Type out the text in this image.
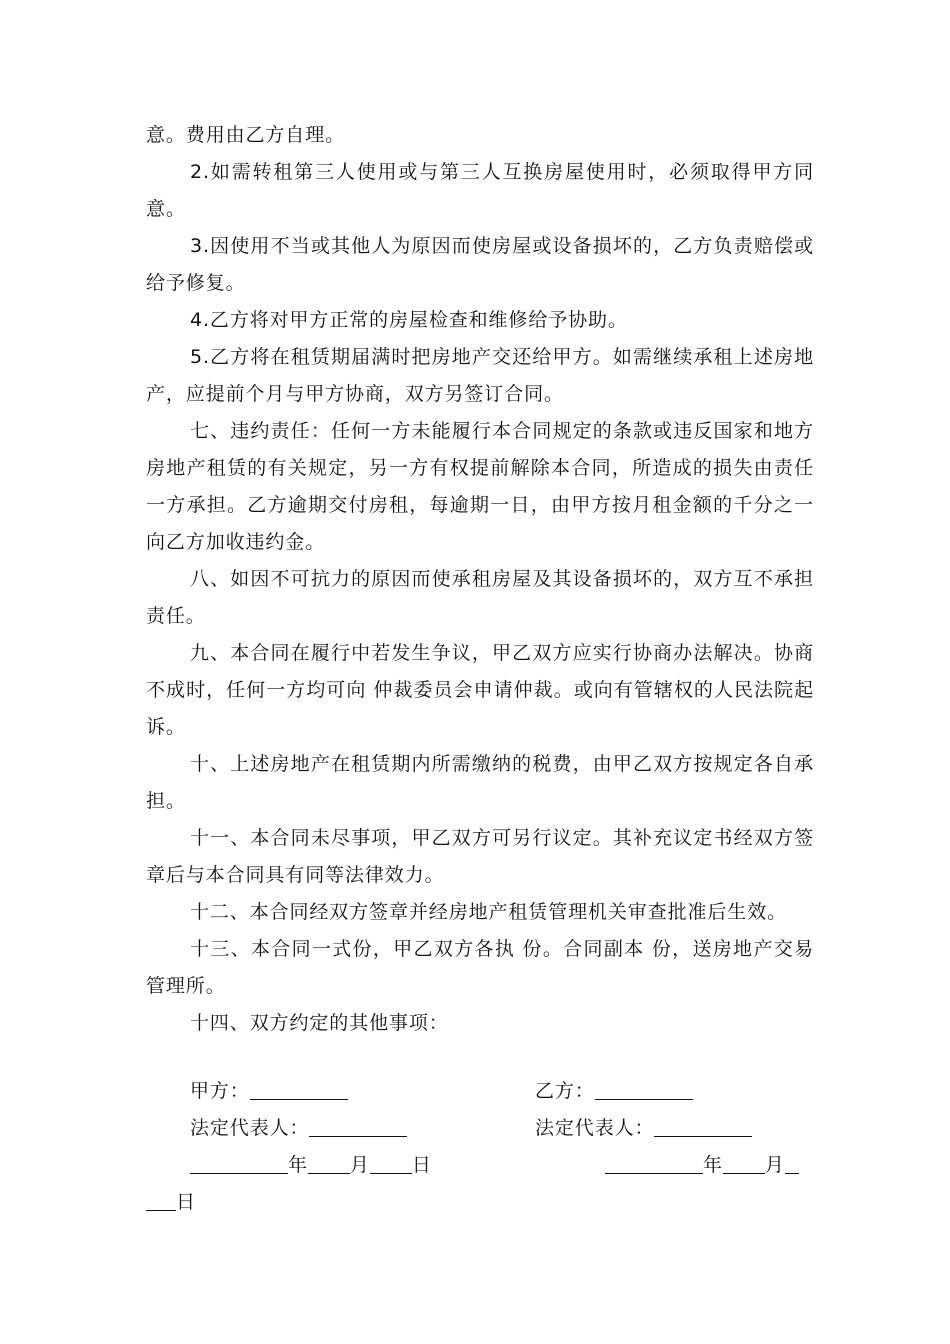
意。费用由乙方自理。

2.如需转租第三人使用或与第三人互换房屋使用时，必须取得甲方同意。

3.因使用不当或其他人为原因而使房屋或设备损坏的，乙方负责赔偿或给予修复。

4.乙方将对甲方正常的房屋检查和维修给予协助。

5.乙方将在租赁期届满时把房地产交还给甲方。如需继续承租上述房地产，应提前个月与甲方协商，双方另签订合同。

七、违约责任：任何一方未能履行本合同规定的条款或违反国家和地方房地产租赁的有关规定，另一方有权提前解除本合同，所造成的损失由责任一方承担。乙方逾期交付房租，每逾期一日，由甲方按月租金额的千分之一向乙方加收违约金。

八、如因不可抗力的原因而使承租房屋及其设备损坏的，双方互不承担责任。

九、本合同在履行中若发生争议，甲乙双方应实行协商办法解决。协商不成时，任何一方均可向 仲裁委员会申请仲裁。或向有管辖权的人民法院起诉。

十、上述房地产在租赁期内所需缴纳的税费，由甲乙双方按规定各自承担。

十一、本合同未尽事项，甲乙双方可另行议定。其补充议定书经双方签章后与本合同具有同等法律效力。

十二、本合同经双方签章并经房地产租赁管理机关审查批准后生效。

十三、本合同一式份，甲乙双方各执 份。合同副本 份，送房地产交易管理所。

十四、双方约定的其他事项：

甲方：	乙方：
法定代表人：	法定代表人：
年 月 日	年 月
日
